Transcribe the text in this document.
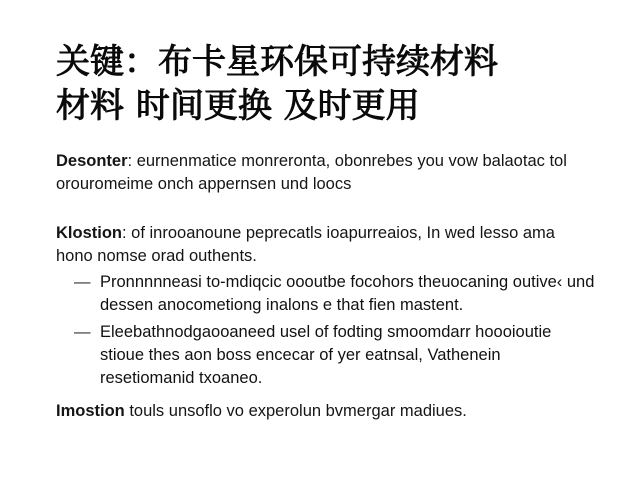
关键：布卡星环保可持续材料
材料 时间更换 及时更用

Desonter: eurnenmatice monreronta, obonrebes you vow balaotac tol orouromeime onch appernsen und loocs

Klostion: of inrooanoune peprecatls ioapurreaios, In wed lesso ama hono nomse orad outhents.

— Pronnnnneasi to-mdiqcic oooutbe focohors theuocaning outive‹ und dessen anocometiong inalons e that fien mastent.
— Eleebathnodgaooaneed usel of fodting smoomdarr hoooioutie stioue thes aon boss encecar of yer eatnsal, Vathenein resetiomanid txoaneo.

Imostion touls unsoflo vo experolun bvmergar madiues.
